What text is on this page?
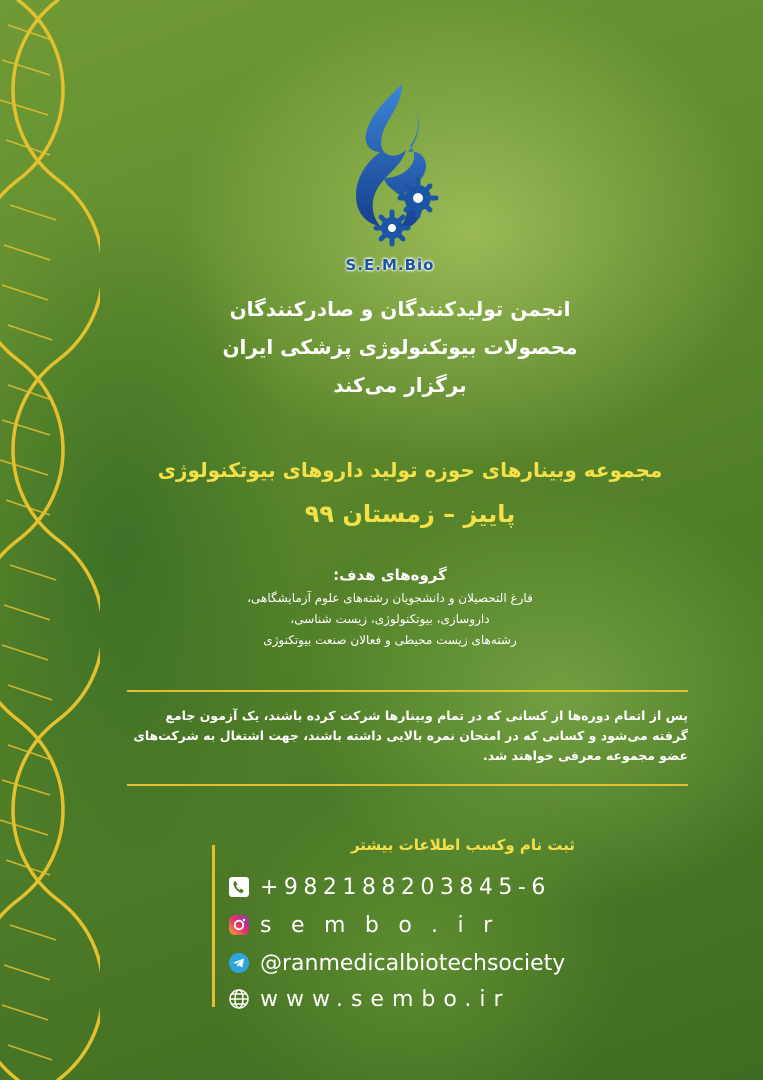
S.E.M.Bio
انجمن تولیدکنندگان و صادرکنندگان
محصولات بیوتکنولوژی پزشکی ایران
برگزار می‌کند
مجموعه وبینارهای حوزه تولید داروهای بیوتکنولوژی
پاییز – زمستان ۹۹
گروه‌های هدف:
فارغ التحصیلان و دانشجویان رشته‌های علوم آزمایشگاهی،
داروسازی، بیوتکنولوژی، زیست شناسی،
رشته‌های زیست محیطی و فعالان صنعت بیوتکنوژی
پس از اتمام دوره‌ها از کسانی که در تمام وبینارها شرکت کرده باشند، یک آزمون جامع گرفته می‌شود و کسانی که در امتحان نمره بالایی داشته باشند، جهت اشتغال به شرکت‌های عضو مجموعه معرفی خواهند شد.
ثبت نام وکسب اطلاعات بیشتر
+982188203845-6
sembo.ir
@ranmedicalbiotechsociety
www.sembo.ir
